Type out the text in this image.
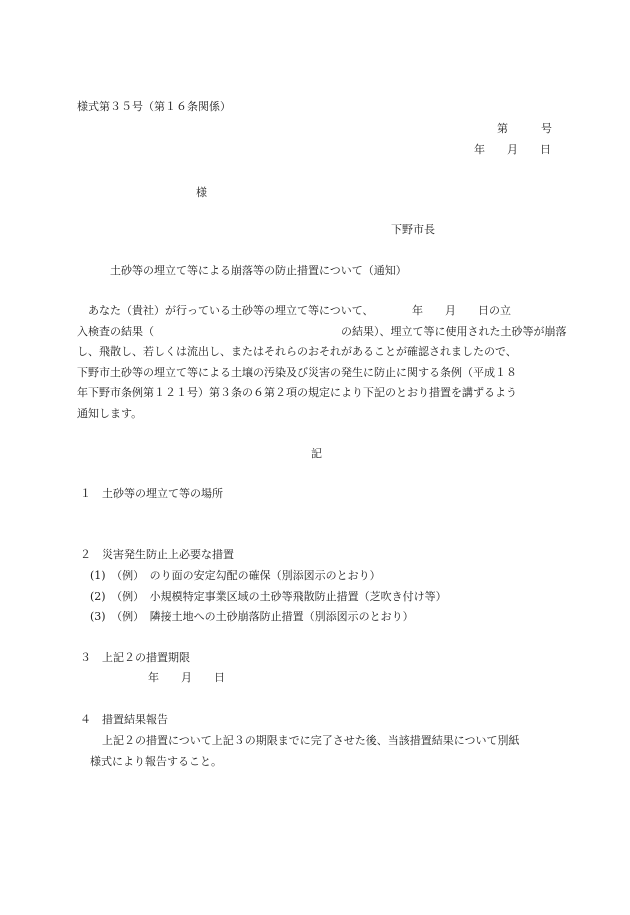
様式第３５号（第１６条関係）
第　　　号
年　　月　　日
様
下野市長
土砂等の埋立て等による崩落等の防止措置について（通知）
あなた（貴社）が行っている土砂等の埋立て等について、　　　　年　　月　　日の立
入検査の結果（　　　　　　　　　　　　　　　　　の結果）、埋立て等に使用された土砂等が崩落
し、飛散し、若しくは流出し、またはそれらのおそれがあることが確認されましたので、
下野市土砂等の埋立て等による土壌の汚染及び災害の発生に防止に関する条例（平成１８
年下野市条例第１２１号）第３条の６第２項の規定により下記のとおり措置を講ずるよう
通知します。
記
１　土砂等の埋立て等の場所
２　災害発生防止上必要な措置
(1)　（例）　のり面の安定勾配の確保（別添図示のとおり）
(2)　（例）　小規模特定事業区域の土砂等飛散防止措置（芝吹き付け等）
(3)　（例）　隣接土地への土砂崩落防止措置（別添図示のとおり）
３　上記２の措置期限
年　　月　　日
４　措置結果報告
上記２の措置について上記３の期限までに完了させた後、当該措置結果について別紙
様式により報告すること。
